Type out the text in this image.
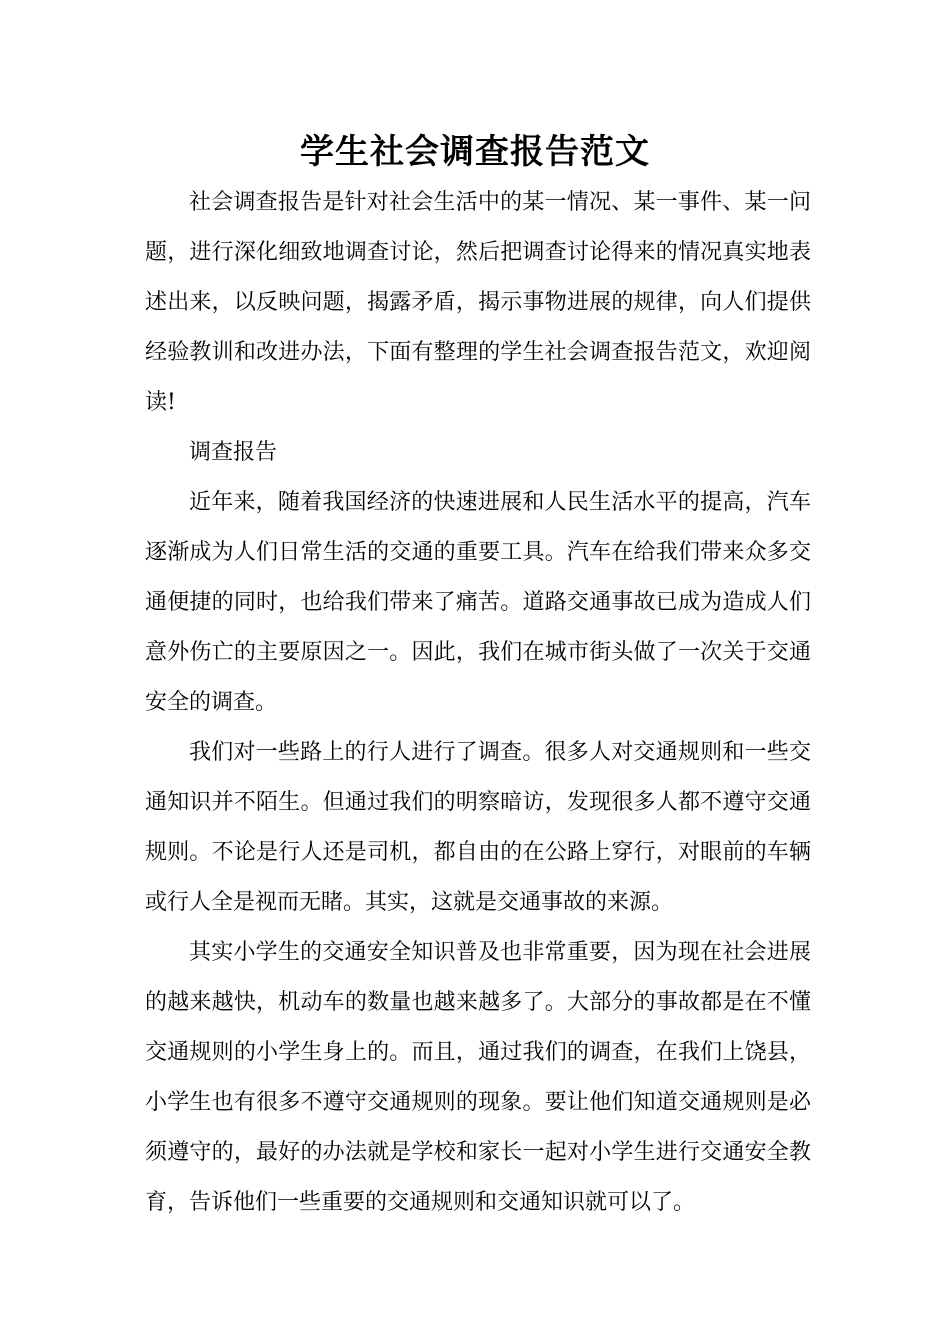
学生社会调查报告范文

社会调查报告是针对社会生活中的某一情况、某一事件、某一问题，进行深化细致地调查讨论，然后把调查讨论得来的情况真实地表述出来，以反映问题，揭露矛盾，揭示事物进展的规律，向人们提供经验教训和改进办法，下面有整理的学生社会调查报告范文，欢迎阅读!

调查报告

近年来，随着我国经济的快速进展和人民生活水平的提高，汽车逐渐成为人们日常生活的交通的重要工具。汽车在给我们带来众多交通便捷的同时，也给我们带来了痛苦。道路交通事故已成为造成人们意外伤亡的主要原因之一。因此，我们在城市街头做了一次关于交通安全的调查。

我们对一些路上的行人进行了调查。很多人对交通规则和一些交通知识并不陌生。但通过我们的明察暗访，发现很多人都不遵守交通规则。不论是行人还是司机，都自由的在公路上穿行，对眼前的车辆或行人全是视而无睹。其实，这就是交通事故的来源。

其实小学生的交通安全知识普及也非常重要，因为现在社会进展的越来越快，机动车的数量也越来越多了。大部分的事故都是在不懂交通规则的小学生身上的。而且，通过我们的调查，在我们上饶县，小学生也有很多不遵守交通规则的现象。要让他们知道交通规则是必须遵守的，最好的办法就是学校和家长一起对小学生进行交通安全教育，告诉他们一些重要的交通规则和交通知识就可以了。
